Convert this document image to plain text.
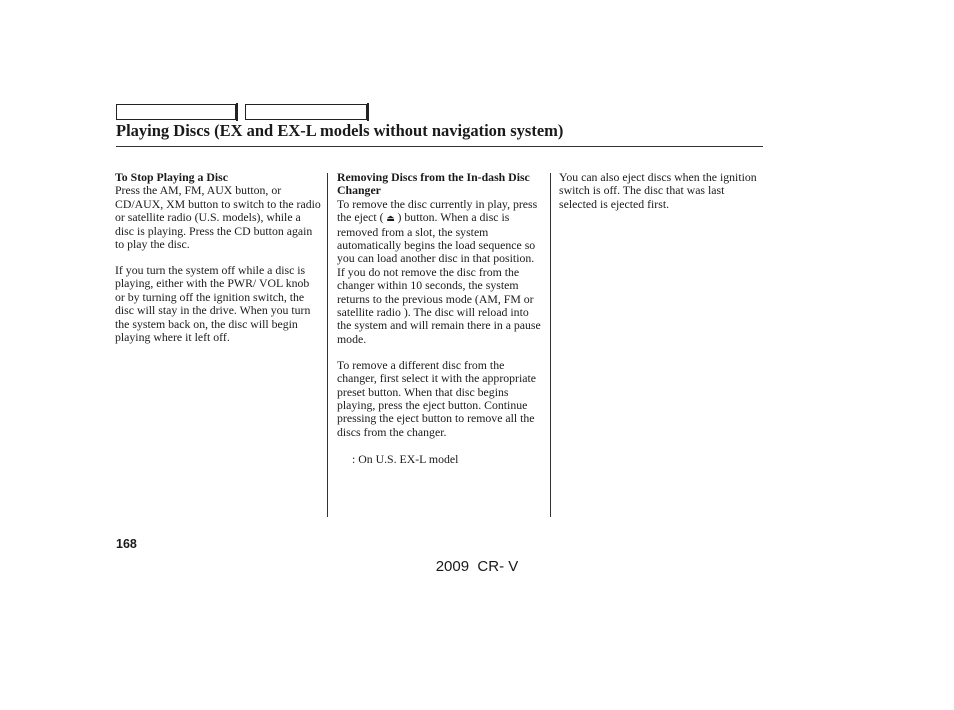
Playing Discs (EX and EX-L models without navigation system)
To Stop Playing a Disc

Press the AM, FM, AUX button, or CD/AUX, XM button to switch to the radio or satellite radio (U.S. models), while a disc is playing. Press the CD button again to play the disc.

If you turn the system off while a disc is playing, either with the PWR/ VOL knob or by turning off the ignition switch, the disc will stay in the drive. When you turn the system back on, the disc will begin playing where it left off.

Removing Discs from the In-dash Disc Changer

To remove the disc currently in play, press the eject ( ⏏ ) button. When a disc is removed from a slot, the system automatically begins the load sequence so you can load another disc in that position. If you do not remove the disc from the changer within 10 seconds, the system returns to the previous mode (AM, FM or satellite radio ). The disc will reload into the system and will remain there in a pause mode.

To remove a different disc from the changer, first select it with the appropriate preset button. When that disc begins playing, press the eject button. Continue pressing the eject button to remove all the discs from the changer.

: On U.S. EX-L model

You can also eject discs when the ignition switch is off. The disc that was last selected is ejected first.

168
2009  CR- V
